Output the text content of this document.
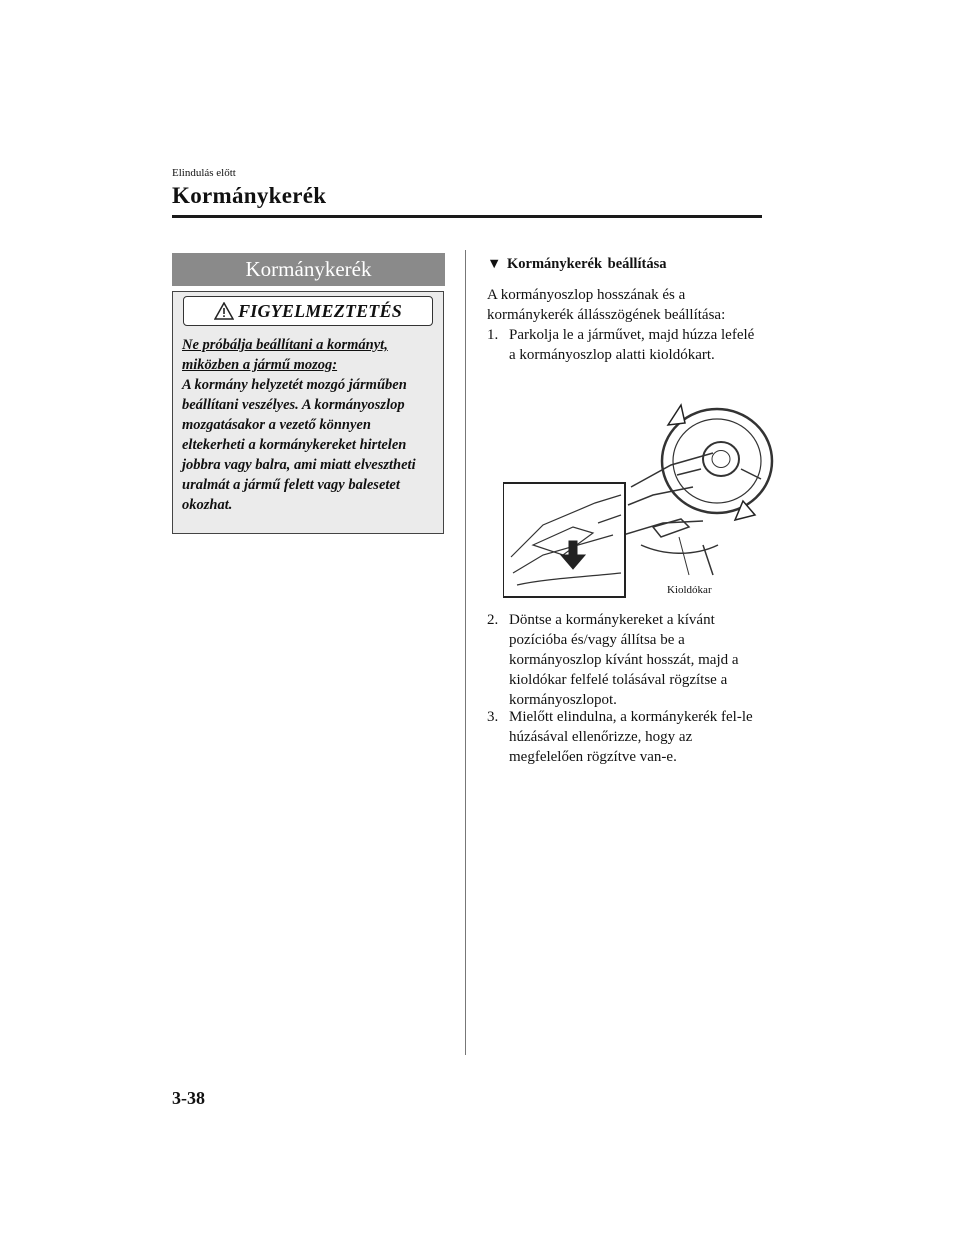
Elindulás előtt
Kormánykerék
Kormánykerék
FIGYELMEZTETÉS
Ne próbálja beállítani a kormányt, miközben a jármű mozog:
A kormány helyzetét mozgó járműben beállítani veszélyes. A kormányoszlop mozgatásakor a vezető könnyen eltekerheti a kormánykereket hirtelen jobbra vagy balra, ami miatt elvesztheti uralmát a jármű felett vagy balesetet okozhat.
▼ Kormánykerék beállítása
A kormányoszlop hosszának és a kormánykerék állásszögének beállítása:
1. Parkolja le a járművet, majd húzza lefelé a kormányoszlop alatti kioldókart.
Kioldókar
2. Döntse a kormánykereket a kívánt pozícióba és/vagy állítsa be a kormányoszlop kívánt hosszát, majd a kioldókar felfelé tolásával rögzítse a kormányoszlopot.
3. Mielőtt elindulna, a kormánykerék fel-le húzásával ellenőrizze, hogy az megfelelően rögzítve van-e.
3-38
